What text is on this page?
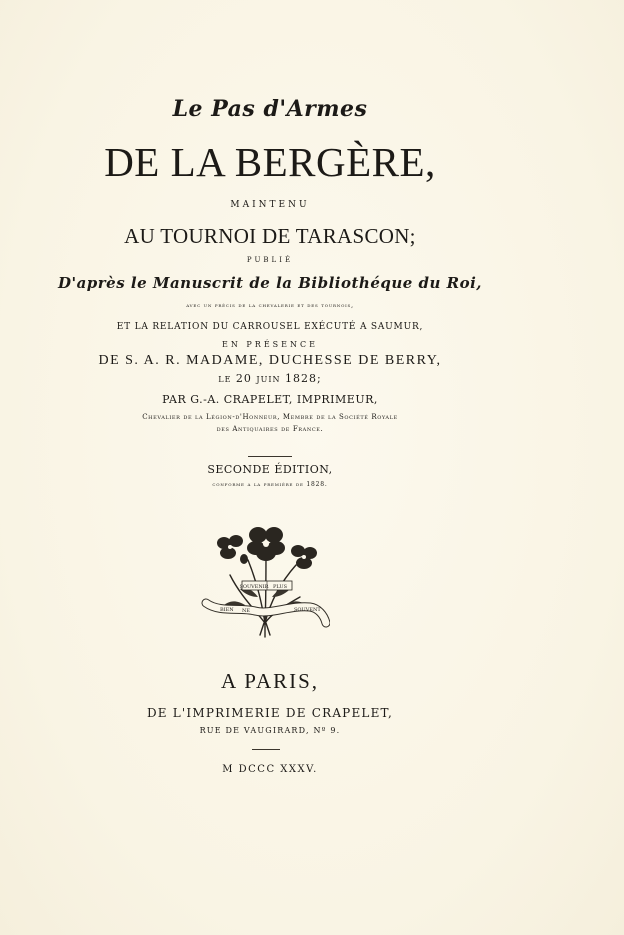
Le Pas d'Armes
DE LA BERGÈRE,
MAINTENU
AU TOURNOI DE TARASCON;
PUBLIÉ
D'après le Manuscrit de la Bibliothéque du Roi,
avec un précis de la chevalerie et des tournois,
ET LA RELATION DU CARROUSEL EXÉCUTÉ A SAUMUR,
EN PRÉSENCE
DE S. A. R. MADAME, DUCHESSE DE BERRY,
le 20 juin 1828;
PAR G.-A. CRAPELET, IMPRIMEUR,
Chevalier de la Légion-d'Honneur, Membre de la Société Royale
des Antiquaires de France.
SECONDE ÉDITION,
conforme a la première de 1828.
SOUVENIR PLUS
BIEN NE	SOUVENT
A PARIS,
DE L'IMPRIMERIE DE CRAPELET,
RUE DE VAUGIRARD, Nº 9.
M DCCC XXXV.
